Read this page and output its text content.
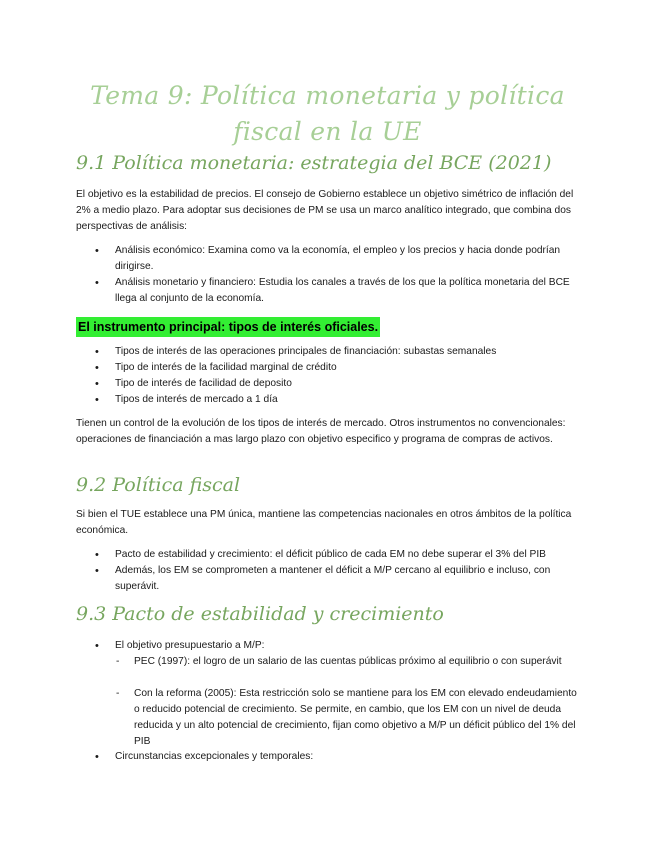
Tema 9: Política monetaria y política fiscal en la UE
9.1 Política monetaria: estrategia del BCE (2021)
El objetivo es la estabilidad de precios. El consejo de Gobierno establece un objetivo simétrico de inflación del 2% a medio plazo. Para adoptar sus decisiones de PM se usa un marco analítico integrado, que combina dos perspectivas de análisis:
• Análisis económico: Examina como va la economía, el empleo y los precios y hacia donde podrían dirigirse.
• Análisis monetario y financiero: Estudia los canales a través de los que la política monetaria del BCE llega al conjunto de la economía.
El instrumento principal: tipos de interés oficiales.
• Tipos de interés de las operaciones principales de financiación: subastas semanales
• Tipo de interés de la facilidad marginal de crédito
• Tipo de interés de facilidad de deposito
• Tipos de interés de mercado a 1 día
Tienen un control de la evolución de los tipos de interés de mercado. Otros instrumentos no convencionales: operaciones de financiación a mas largo plazo con objetivo especifico y programa de compras de activos.
9.2 Política fiscal
Si bien el TUE establece una PM única, mantiene las competencias nacionales en otros ámbitos de la política económica.
• Pacto de estabilidad y crecimiento: el déficit público de cada EM no debe superar el 3% del PIB
• Además, los EM se comprometen a mantener el déficit a M/P cercano al equilibrio e incluso, con superávit.
9.3 Pacto de estabilidad y crecimiento
• El objetivo presupuestario a M/P:
- PEC (1997): el logro de un salario de las cuentas públicas próximo al equilibrio o con superávit
- Con la reforma (2005): Esta restricción solo se mantiene para los EM con elevado endeudamiento o reducido potencial de crecimiento. Se permite, en cambio, que los EM con un nivel de deuda reducida y un alto potencial de crecimiento, fijan como objetivo a M/P un déficit público del 1% del PIB
• Circunstancias excepcionales y temporales:
